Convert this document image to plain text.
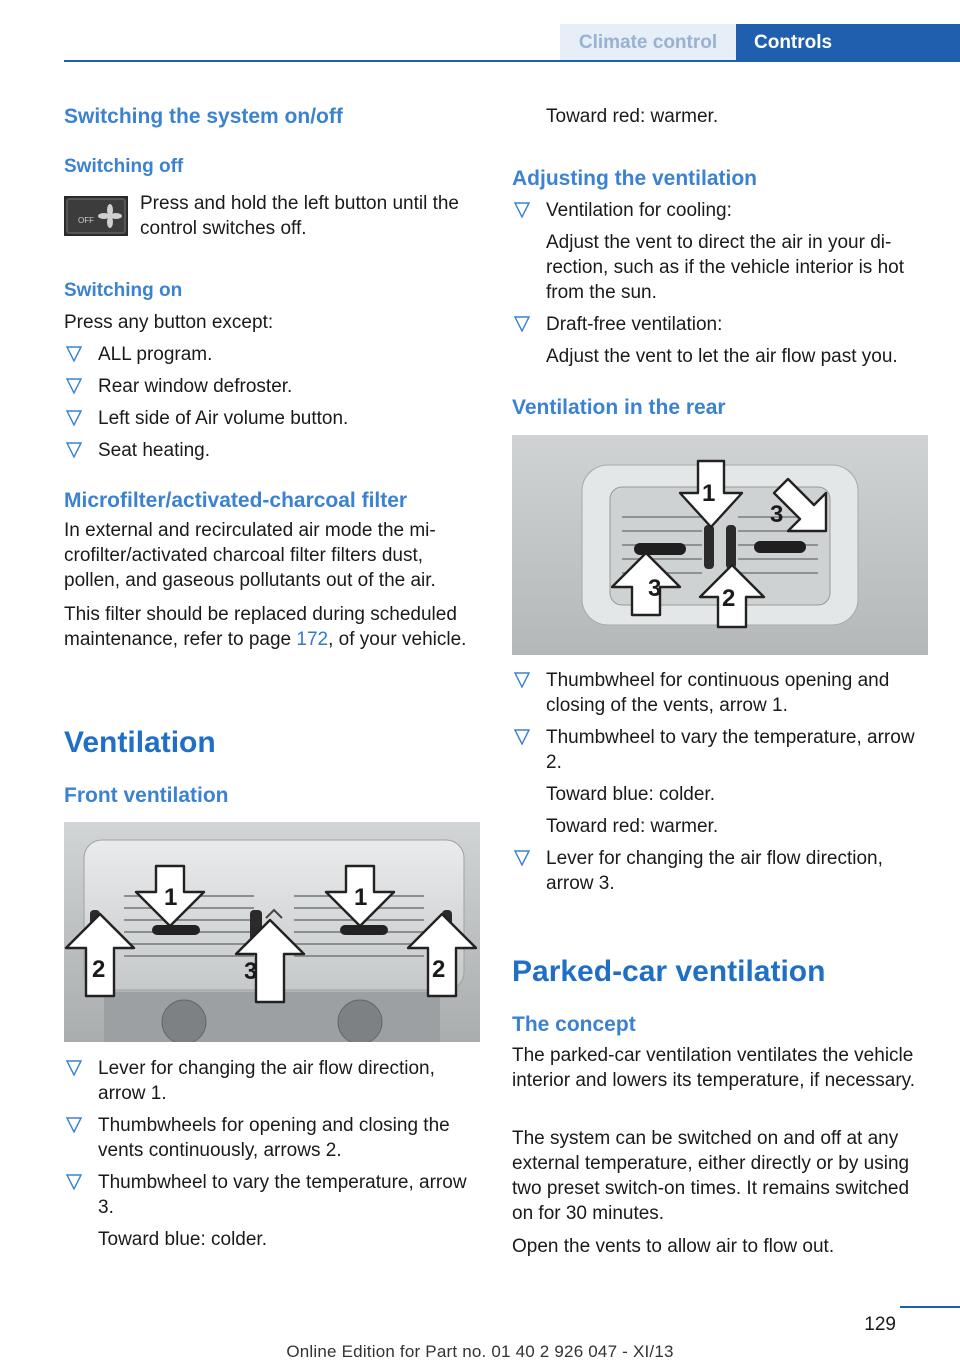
Climate control	Controls
Switching the system on/off
Switching off
OFF
Press and hold the left button until the control switches off.
Switching on
Press any button except:
ALL program.
Rear window defroster.
Left side of Air volume button.
Seat heating.
Microfilter/activated-charcoal filter
In external and recirculated air mode the microfilter/activated charcoal filter filters dust, pollen, and gaseous pollutants out of the air.
This filter should be replaced during scheduled maintenance, refer to page 172, of your vehicle.
Ventilation
Front ventilation
1	1
2	3	2
Lever for changing the air flow direction, arrow 1.
Thumbwheels for opening and closing the vents continuously, arrows 2.
Thumbwheel to vary the temperature, arrow 3.
Toward blue: colder.
Toward red: warmer.
Adjusting the ventilation
Ventilation for cooling:
Adjust the vent to direct the air in your direction, such as if the vehicle interior is hot from the sun.
Draft-free ventilation:
Adjust the vent to let the air flow past you.
Ventilation in the rear
1
3
3	2
Thumbwheel for continuous opening and closing of the vents, arrow 1.
Thumbwheel to vary the temperature, arrow 2.
Toward blue: colder.
Toward red: warmer.
Lever for changing the air flow direction, arrow 3.
Parked-car ventilation
The concept
The parked-car ventilation ventilates the vehicle interior and lowers its temperature, if necessary.
The system can be switched on and off at any external temperature, either directly or by using two preset switch-on times. It remains switched on for 30 minutes.
Open the vents to allow air to flow out.
129
Online Edition for Part no. 01 40 2 926 047 - XI/13
